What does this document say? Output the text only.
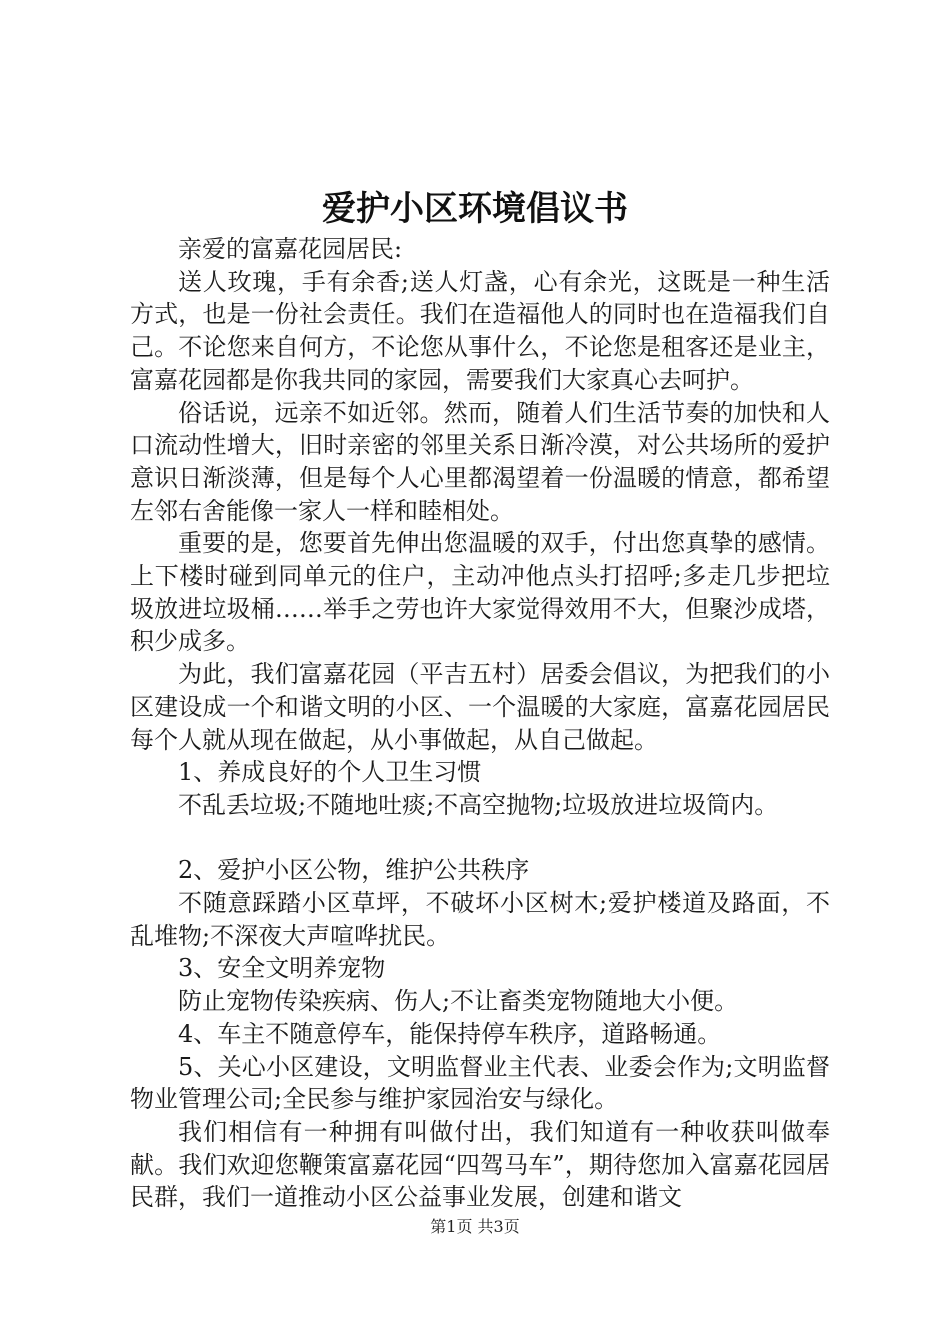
爱护小区环境倡议书

亲爱的富嘉花园居民:

送人玫瑰，手有余香;送人灯盏，心有余光，这既是一种生活方式，也是一份社会责任。我们在造福他人的同时也在造福我们自己。不论您来自何方，不论您从事什么，不论您是租客还是业主，富嘉花园都是你我共同的家园，需要我们大家真心去呵护。

俗话说，远亲不如近邻。然而，随着人们生活节奏的加快和人口流动性增大，旧时亲密的邻里关系日渐冷漠，对公共场所的爱护意识日渐淡薄，但是每个人心里都渴望着一份温暖的情意，都希望左邻右舍能像一家人一样和睦相处。

重要的是，您要首先伸出您温暖的双手，付出您真挚的感情。上下楼时碰到同单元的住户，主动冲他点头打招呼;多走几步把垃圾放进垃圾桶……举手之劳也许大家觉得效用不大，但聚沙成塔，积少成多。

为此，我们富嘉花园（平吉五村）居委会倡议，为把我们的小区建设成一个和谐文明的小区、一个温暖的大家庭，富嘉花园居民每个人就从现在做起，从小事做起，从自己做起。

1、养成良好的个人卫生习惯

不乱丢垃圾;不随地吐痰;不高空抛物;垃圾放进垃圾筒内。

2、爱护小区公物，维护公共秩序

不随意踩踏小区草坪，不破坏小区树木;爱护楼道及路面，不乱堆物;不深夜大声喧哗扰民。

3、安全文明养宠物

防止宠物传染疾病、伤人;不让畜类宠物随地大小便。

4、车主不随意停车，能保持停车秩序，道路畅通。

5、关心小区建设，文明监督业主代表、业委会作为;文明监督物业管理公司;全民参与维护家园治安与绿化。

我们相信有一种拥有叫做付出，我们知道有一种收获叫做奉献。我们欢迎您鞭策富嘉花园“四驾马车”，期待您加入富嘉花园居民群，我们一道推动小区公益事业发展，创建和谐文

第1页 共3页
